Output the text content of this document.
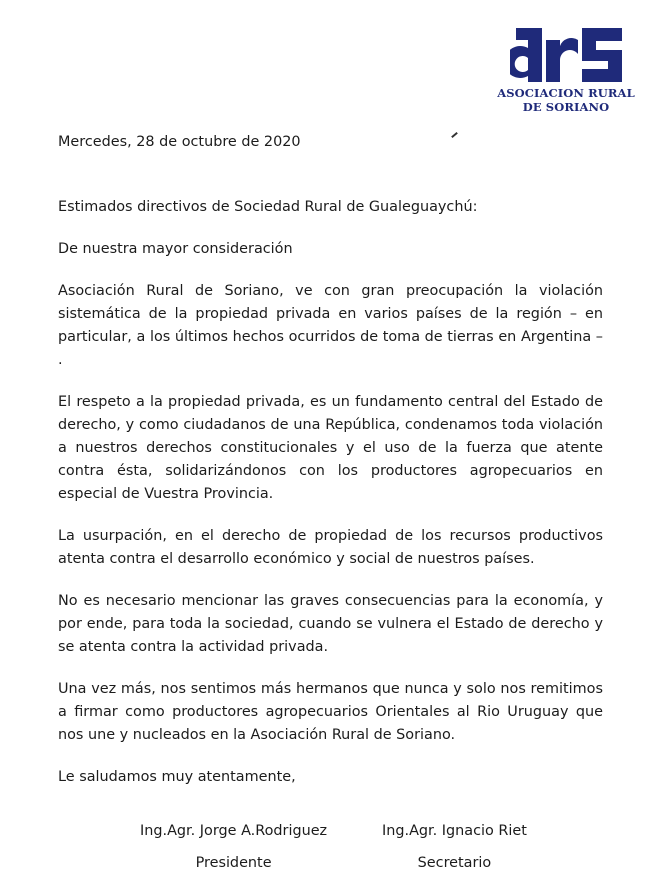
ASOCIACION RURAL
DE SORIANO
Mercedes, 28 de octubre de 2020

Estimados directivos de Sociedad Rural de Gualeguaychú:

De nuestra mayor consideración

Asociación Rural de Soriano, ve con gran preocupación la violación sistemática de la propiedad privada en varios países de la región – en particular, a los últimos hechos ocurridos de toma de tierras en Argentina – .

El respeto a la propiedad privada, es un fundamento central del Estado de derecho, y como ciudadanos de una República, condenamos toda violación a nuestros derechos constitucionales y el uso de la fuerza que atente contra ésta, solidarizándonos con los productores agropecuarios en especial de Vuestra Provincia.

La usurpación, en el derecho de propiedad de los recursos productivos atenta contra el desarrollo económico y social de nuestros países.

No es necesario mencionar las graves consecuencias para la economía, y por ende, para toda la sociedad, cuando se vulnera el Estado de derecho y se atenta contra la actividad privada.

Una vez más, nos sentimos más hermanos que nunca y solo nos remitimos a firmar como productores agropecuarios Orientales al Rio Uruguay que nos une y nucleados en la Asociación Rural de Soriano.

Le saludamos muy atentamente,

Ing.Agr. Jorge A.Rodriguez
Presidente
Ing.Agr. Ignacio Riet
Secretario
